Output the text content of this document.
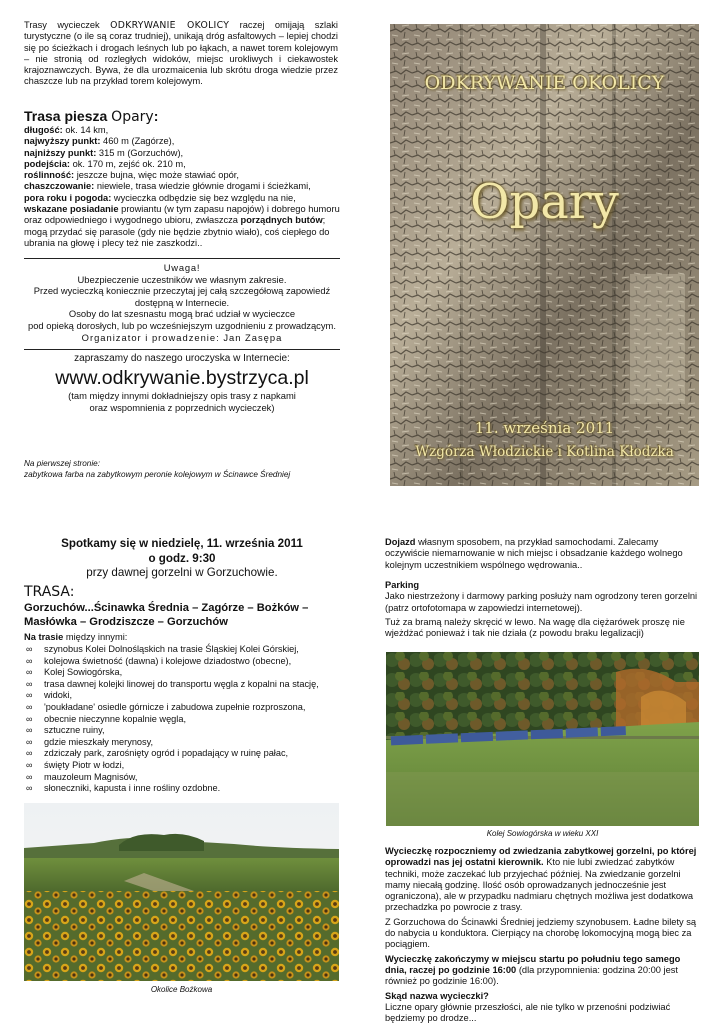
Trasy wycieczek ODKRYWANIE OKOLICY raczej omijają szlaki turystyczne (o ile są coraz trudniej), unikają dróg asfaltowych – lepiej chodzi się po ścieżkach i drogach leśnych lub po łąkach, a nawet torem kolejowym – nie stronią od rozległych widoków, miejsc urokliwych i ciekawostek krajoznawczych. Bywa, że dla urozmaicenia lub skrótu droga wiedzie przez chaszcze lub na przykład torem kolejowym.
Trasa piesza Opary:
długość: ok. 14 km,
najwyższy punkt: 460 m (Zagórze),
najniższy punkt: 315 m (Gorzuchów),
podejścia: ok. 170 m, zejść ok. 210 m,
roślinność: jeszcze bujna, więc może stawiać opór,
chaszczowanie: niewiele, trasa wiedzie głównie drogami i ścieżkami,
pora roku i pogoda: wycieczka odbędzie się bez względu na nie, wskazane posiadanie prowiantu (w tym zapasu napojów) i dobrego humoru oraz odpowiedniego i wygodnego ubioru, zwłaszcza porządnych butów; mogą przydać się parasole (gdy nie będzie zbytnio wiało), coś ciepłego do ubrania na głowę i plecy też nie zaszkodzi..
Uwaga!
Ubezpieczenie uczestników we własnym zakresie.
Przed wycieczką koniecznie przeczytaj jej całą szczegółową zapowiedź
dostępną w Internecie.
Osoby do lat szesnastu mogą brać udział w wycieczce
pod opieką dorosłych, lub po wcześniejszym uzgodnieniu z prowadzącym.
Organizator i prowadzenie: Jan Zasępa
zapraszamy do naszego uroczyska w Internecie:
www.odkrywanie.bystrzyca.pl
(tam między innymi dokładniejszy opis trasy z napkami
oraz wspomnienia z poprzednich wycieczek)
Na pierwszej stronie:
zabytkowa farba na zabytkowym peronie kolejowym w Ścinawce Średniej
ODKRYWANIE OKOLICY
Opary
11. września 2011
Wzgórza Włodzickie i Kotlina Kłodzka
Spotkamy się w niedzielę, 11. września 2011
o godz. 9:30
przy dawnej gorzelni w Gorzuchowie.
TRASA:
Gorzuchów...Ścinawka Średnia – Zagórze – Bożków – Masłówka – Grodziszcze – Gorzuchów
Na trasie między innymi:
∞ szynobus Kolei Dolnośląskich na trasie Śląskiej Kolei Górskiej,
∞ kolejowa świetność (dawna) i kolejowe dziadostwo (obecne),
∞ Kolej Sowiogórska,
∞ trasa dawnej kolejki linowej do transportu węgla z kopalni na stację,
∞ widoki,
∞ 'poukładane' osiedle górnicze i zabudowa zupełnie rozproszona,
∞ obecnie nieczynne kopalnie węgla,
∞ sztuczne ruiny,
∞ gdzie mieszkały merynosy,
∞ zdziczały park, zarośnięty ogród i popadający w ruinę pałac,
∞ święty Piotr w łodzi,
∞ mauzoleum Magnisów,
∞ słoneczniki, kapusta i inne rośliny ozdobne.
Okolice Bożkowa
Dojazd własnym sposobem, na przykład samochodami. Zalecamy oczywiście niemarnowanie w nich miejsc i obsadzanie każdego wolnego kolejnym uczestnikiem wspólnego wędrowania..
Parking
Jako niestrzeżony i darmowy parking posłuży nam ogrodzony teren gorzelni (patrz ortofotomapa w zapowiedzi internetowej).
Tuż za bramą należy skręcić w lewo. Na wagę dla ciężarówek proszę nie wjeżdżać ponieważ i tak nie działa (z powodu braku legalizacji)
Kolej Sowiogórska w wieku XXI
Wycieczkę rozpoczniemy od zwiedzania zabytkowej gorzelni, po której oprowadzi nas jej ostatni kierownik. Kto nie lubi zwiedzać zabytków techniki, może zaczekać lub przyjechać później. Na zwiedzanie gorzelni mamy niecałą godzinę. Ilość osób oprowadzanych jednocześnie jest ograniczona), ale w przypadku nadmiaru chętnych możliwa jest dodatkowa przechadzka po powrocie z trasy.
Z Gorzuchowa do Ścinawki Średniej jedziemy szynobusem. Ładne bilety są do nabycia u konduktora. Cierpiący na chorobę lokomocyjną mogą biec za pociągiem.
Wycieczkę zakończymy w miejscu startu po południu tego samego dnia, raczej po godzinie 16:00 (dla przypomnienia: godzina 20:00 jest również po godzinie 16:00).
Skąd nazwa wycieczki?
Liczne opary głównie przeszłości, ale nie tylko w przenośni podziwiać będziemy po drodze...
